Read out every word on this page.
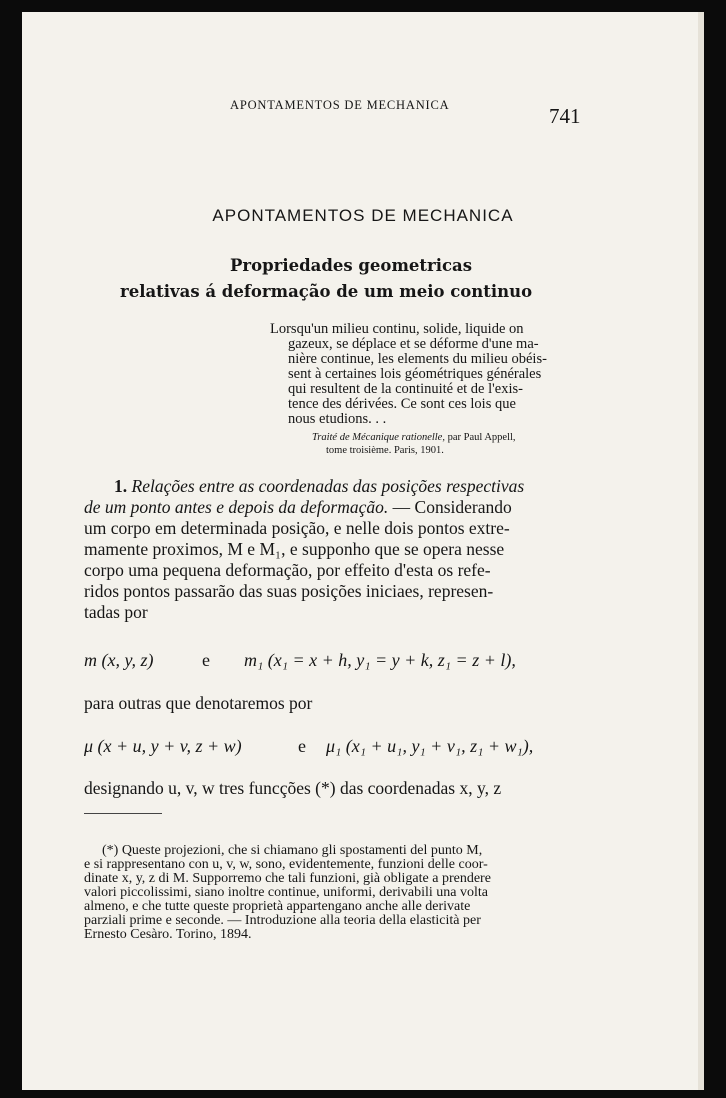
APONTAMENTOS DE MECHANICA	741
APONTAMENTOS DE MECHANICA
Propriedades geometricas
relativas á deformação de um meio continuo
Lorsqu'un milieu continu, solide, liquide on
gazeux, se déplace et se déforme d'une ma-
nière continue, les elements du milieu obéis-
sent à certaines lois géométriques générales
qui resultent de la continuité et de l'exis-
tence des dérivées. Ce sont ces lois que
nous etudions. . .
Traité de Mécanique rationelle, par Paul Appell,
tome troisième. Paris, 1901.
1. Relações entre as coordenadas das posições respectivas
de um ponto antes e depois da deformação. — Considerando
um corpo em determinada posição, e nelle dois pontos extre-
mamente proximos, M e M₁, e supponho que se opera nesse
corpo uma pequena deformação, por effeito d'esta os refe-
ridos pontos passarão das suas posições iniciaes, represen-
tadas por
m (x, y, z)	e m₁ (x₁ = x + h, y₁ = y + k, z₁ = z + l),
para outras que denotaremos por
μ (x + u, y + v, z + w)	e μ₁ (x₁ + u₁, y₁ + v₁, z₁ + w₁),
designando u, v, w tres funcções (*) das coordenadas x, y, z
(*) Queste projezioni, che si chiamano gli spostamenti del punto M,
e si rappresentano con u, v, w, sono, evidentemente, funzioni delle coor-
dinate x, y, z di M. Supporremo che tali funzioni, già obligate a prendere
valori piccolissimi, siano inoltre continue, uniformi, derivabili una volta
almeno, e che tutte queste proprietà appartengano anche alle derivate
parziali prime e seconde. — Introduzione alla teoria della elasticità per
Ernesto Cesàro. Torino, 1894.
